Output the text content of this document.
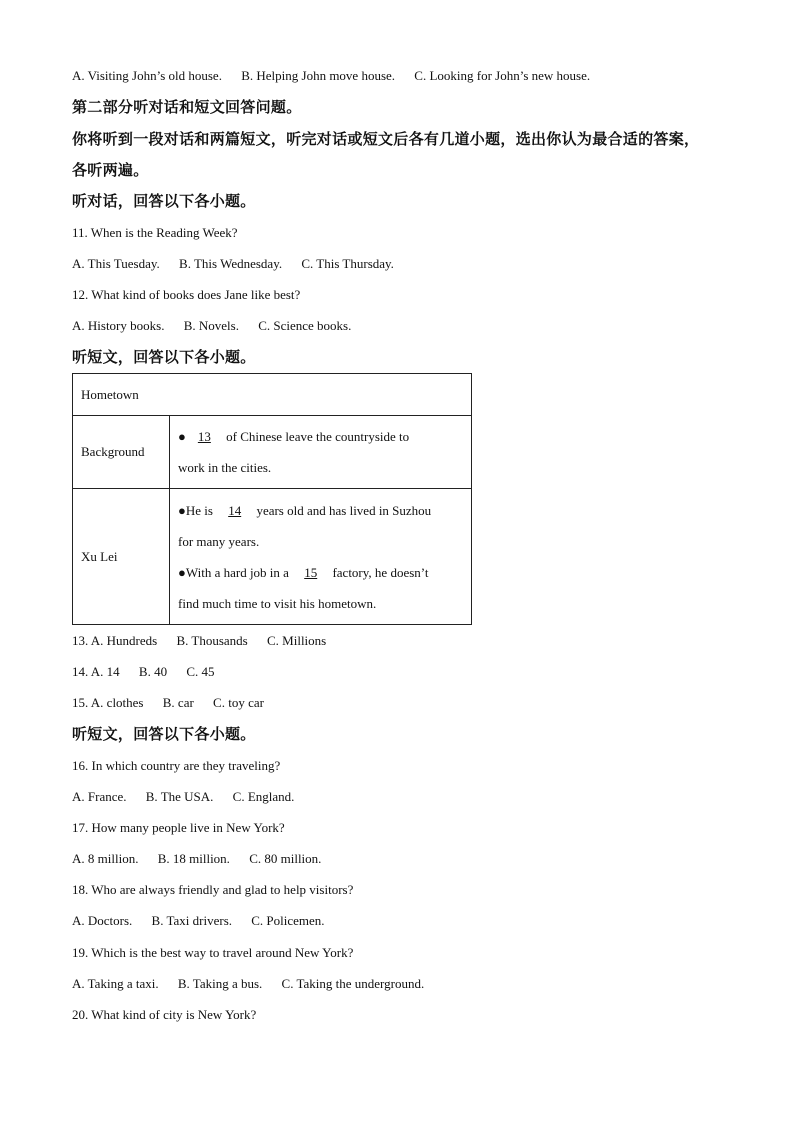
A. Visiting John’s old house. B. Helping John move house. C. Looking for John’s new house.
第二部分听对话和短文回答问题。
你将听到一段对话和两篇短文，听完对话或短文后各有几道小题，选出你认为最合适的答案，
各听两遍。
听对话，回答以下各小题。
11. When is the Reading Week?
A. This Tuesday. B. This Wednesday. C. This Thursday.
12. What kind of books does Jane like best?
A. History books. B. Novels. C. Science books.
听短文，回答以下各小题。
Hometown	
Background	● 13 of Chinese leave the countryside to
work in the cities.

Xu Lei	●He is 14 years old and has lived in Suzhou
for many years.
●With a hard job in a 15 factory, he doesn’t
find much time to visit his hometown.
13. A. Hundreds B. Thousands C. Millions
14. A. 14 B. 40 C. 45
15. A. clothes B. car C. toy car
听短文，回答以下各小题。
16. In which country are they traveling?
A. France. B. The USA. C. England.
17. How many people live in New York?
A. 8 million. B. 18 million. C. 80 million.
18. Who are always friendly and glad to help visitors?
A. Doctors. B. Taxi drivers. C. Policemen.
19. Which is the best way to travel around New York?
A. Taking a taxi. B. Taking a bus. C. Taking the underground.
20. What kind of city is New York?
